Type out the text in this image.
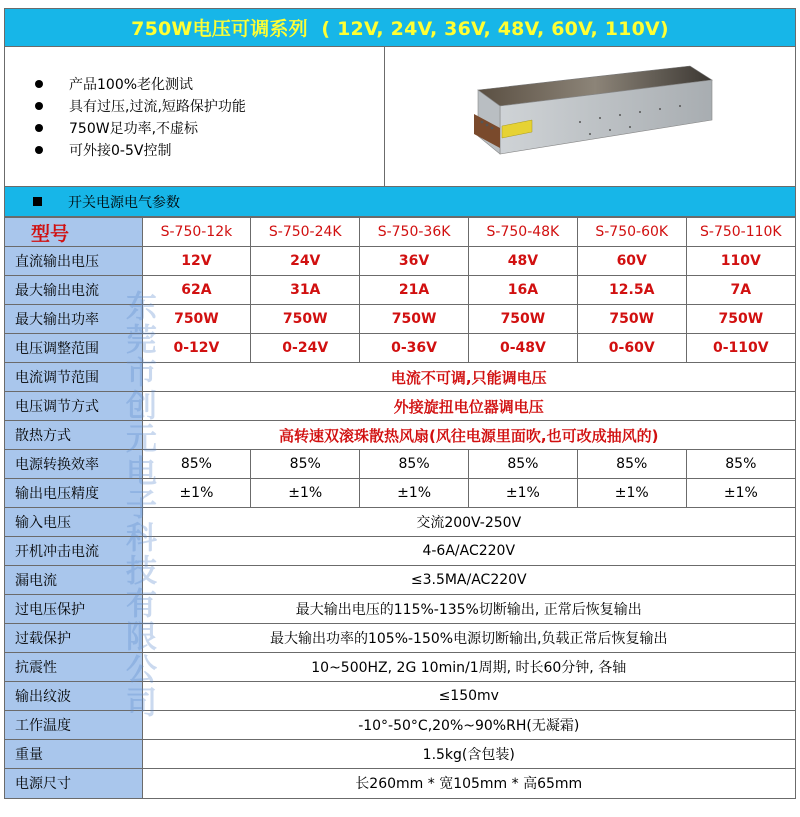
750W电压可调系列  ( 12V, 24V, 36V, 48V, 60V, 110V)
产品100%老化测试
具有过压,过流,短路保护功能
750W足功率,不虚标
可外接0-5V控制
开关电源电气参数
型号	S-750-12k	S-750-24K	S-750-36K	S-750-48K	S-750-60K	S-750-110K
直流输出电压	12V	24V	36V	48V	60V	110V
最大输出电流	62A	31A	21A	16A	12.5A	7A
最大输出功率	750W	750W	750W	750W	750W	750W
电压调整范围	0-12V	0-24V	0-36V	0-48V	0-60V	0-110V
电流调节范围	电流不可调,只能调电压					
电压调节方式	外接旋扭电位器调电压					
散热方式	高转速双滚珠散热风扇(风往电源里面吹,也可改成抽风的)					
电源转换效率	85%	85%	85%	85%	85%	85%
输出电压精度	±1%	±1%	±1%	±1%	±1%	±1%
输入电压	交流200V-250V					
开机冲击电流	4-6A/AC220V					
漏电流	≤3.5MA/AC220V					
过电压保护	最大输出电压的115%-135%切断输出, 正常后恢复输出					
过载保护	最大输出功率的105%-150%电源切断输出,负载正常后恢复输出					
抗震性	10~500HZ, 2G 10min/1周期, 时长60分钟, 各轴					
输出纹波	≤150mv					
工作温度	-10°-50°C,20%~90%RH(无凝霜)					
重量	1.5kg(含包装)					
电源尺寸	长260mm * 宽105mm * 高65mm					
东莞市创元电子科技有限公司
